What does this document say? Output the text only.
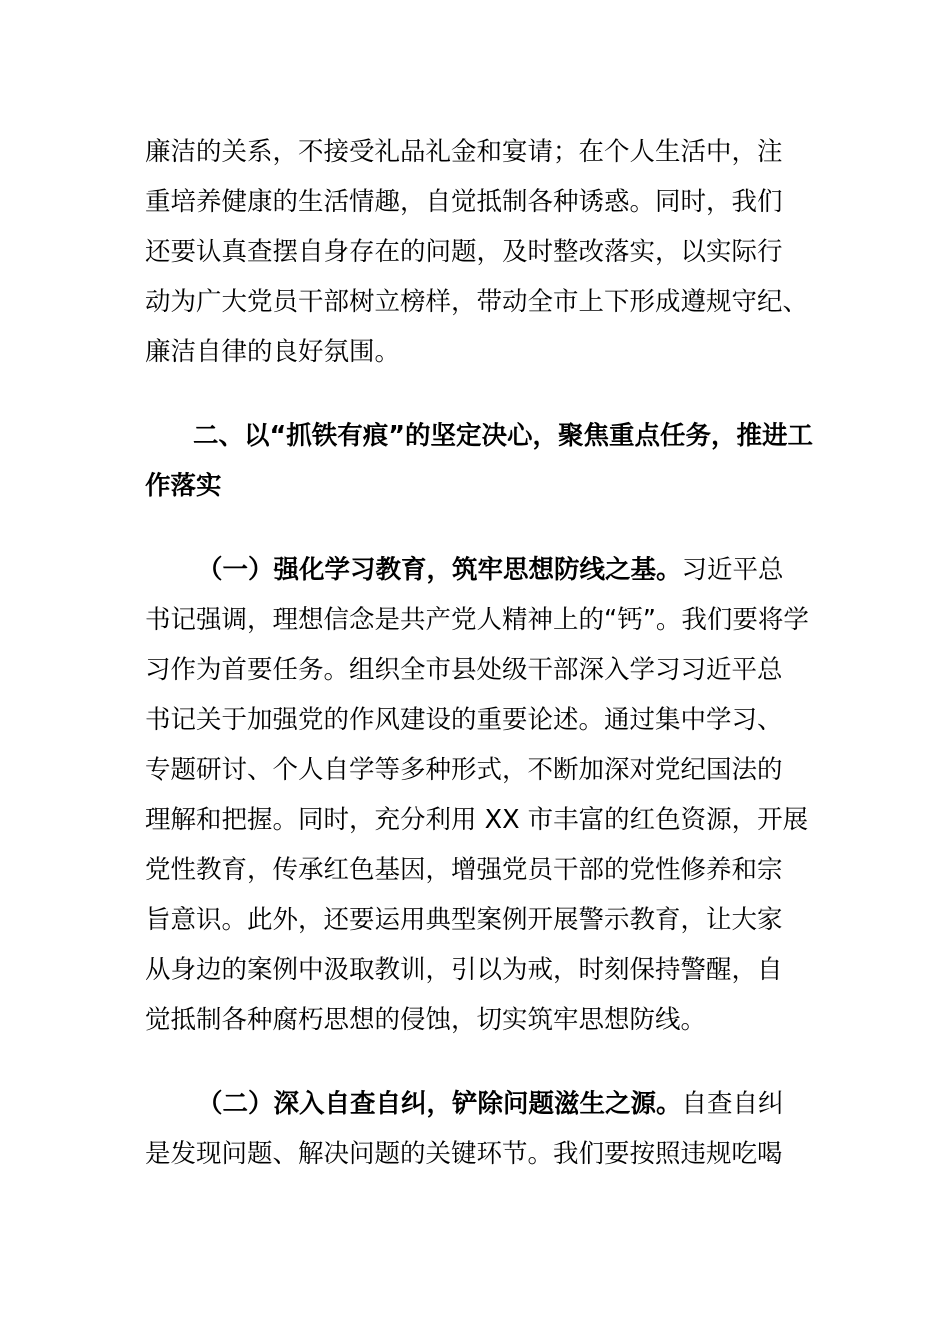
廉洁的关系，不接受礼品礼金和宴请；在个人生活中，注
重培养健康的生活情趣，自觉抵制各种诱惑。同时，我们
还要认真查摆自身存在的问题，及时整改落实，以实际行
动为广大党员干部树立榜样，带动全市上下形成遵规守纪、
廉洁自律的良好氛围。
二、以“抓铁有痕”的坚定决心，聚焦重点任务，推进工
作落实
（一）强化学习教育，筑牢思想防线之基。习近平总
书记强调，理想信念是共产党人精神上的“钙”。我们要将学
习作为首要任务。组织全市县处级干部深入学习习近平总
书记关于加强党的作风建设的重要论述。通过集中学习、
专题研讨、个人自学等多种形式，不断加深对党纪国法的
理解和把握。同时，充分利用 XX 市丰富的红色资源，开展
党性教育，传承红色基因，增强党员干部的党性修养和宗
旨意识。此外，还要运用典型案例开展警示教育，让大家
从身边的案例中汲取教训，引以为戒，时刻保持警醒，自
觉抵制各种腐朽思想的侵蚀，切实筑牢思想防线。
（二）深入自查自纠，铲除问题滋生之源。自查自纠
是发现问题、解决问题的关键环节。我们要按照违规吃喝
